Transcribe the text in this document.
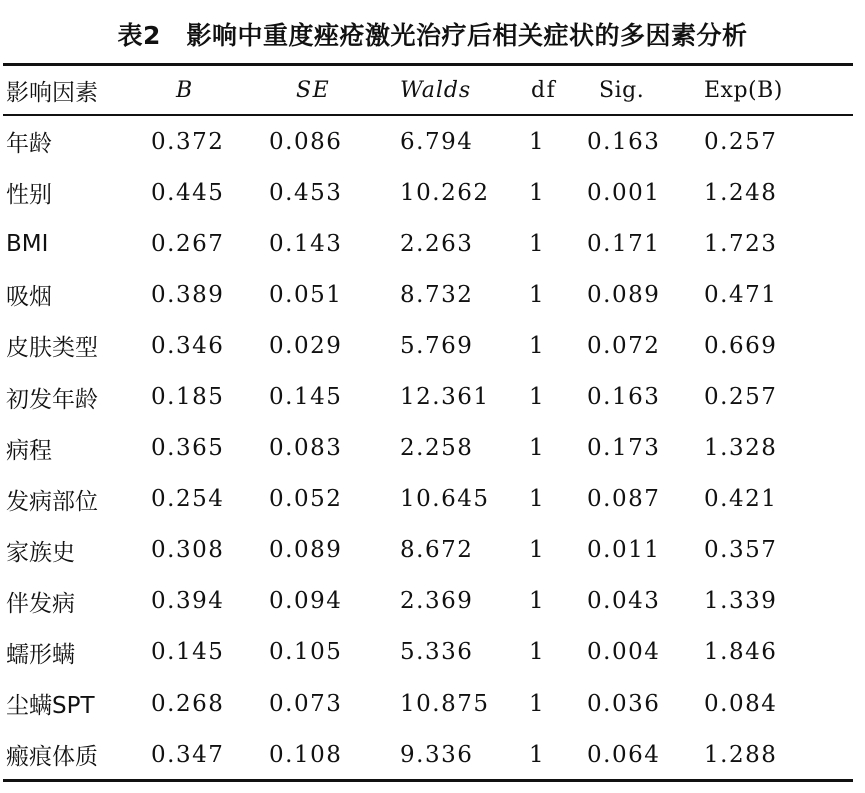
表2　影响中重度痤疮激光治疗后相关症状的多因素分析
影响因素	B	SE	Walds	df Sig.	Exp(B)
年龄	0.372 0.086	6.794 1 0.163 0.257
性别	0.445 0.453	10.262 1 0.001 1.248
BMI	0.267 0.143	2.263 1 0.171 1.723
吸烟	0.389 0.051	8.732 1 0.089 0.471
皮肤类型 0.346 0.029	5.769 1 0.072 0.669
初发年龄 0.185 0.145	12.361 1 0.163 0.257
病程	0.365 0.083	2.258 1 0.173 1.328
发病部位 0.254 0.052	10.645 1 0.087 0.421
家族史	0.308 0.089	8.672 1 0.011 0.357
伴发病	0.394 0.094	2.369 1 0.043 1.339
蠕形螨	0.145 0.105	5.336 1 0.004 1.846
尘螨SPT 0.268 0.073	10.875 1 0.036 0.084
瘢痕体质 0.347 0.108	9.336 1 0.064 1.288
